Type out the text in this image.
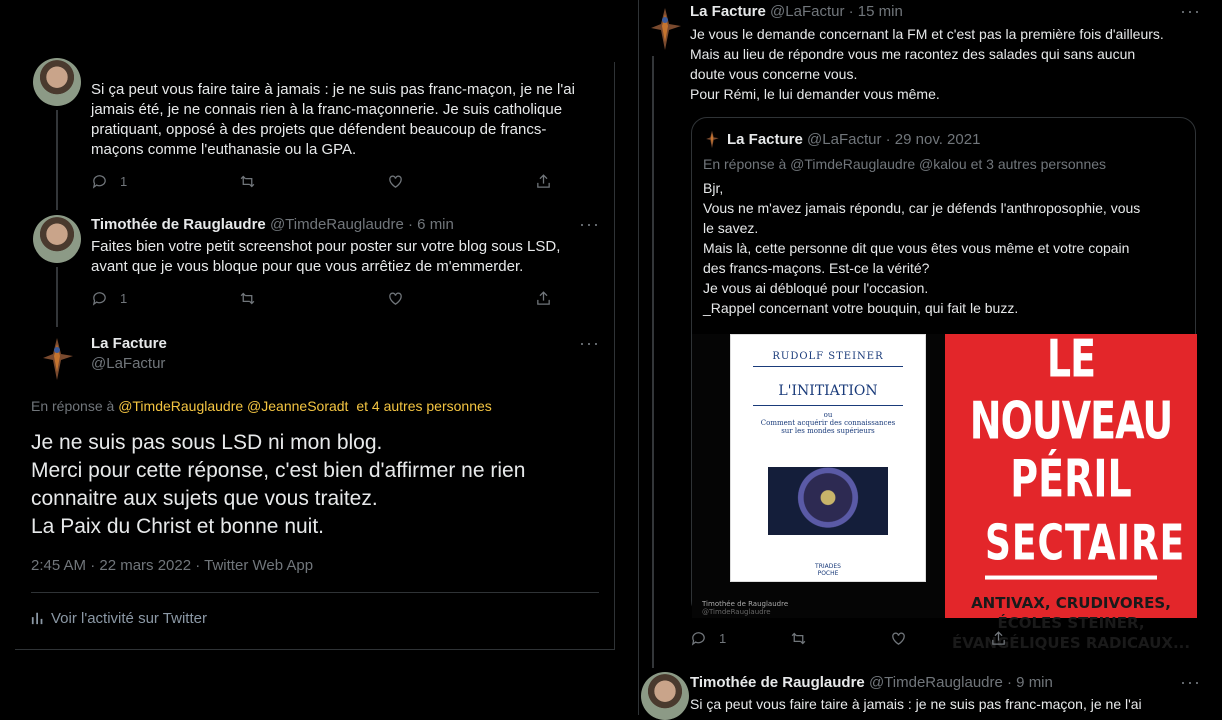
Si ça peut vous faire taire à jamais : je ne suis pas franc-maçon, je ne l'ai jamais été, je ne connais rien à la franc-maçonnerie. Je suis catholique pratiquant, opposé à des projets que défendent beaucoup de francs-maçons comme l'euthanasie ou la GPA.
1
Timothée de Rauglaudre @TimdeRauglaudre · 6 min	···
Faites bien votre petit screenshot pour poster sur votre blog sous LSD, avant que je vous bloque pour que vous arrêtiez de m'emmerder.
1
La Facture
@LaFactur
···
En réponse à @TimdeRauglaudre @JeanneSoradt et 4 autres personnes
Je ne suis pas sous LSD ni mon blog.
Merci pour cette réponse, c'est bien d'affirmer ne rien
connaitre aux sujets que vous traitez.
La Paix du Christ et bonne nuit.
2:45 AM · 22 mars 2022 · Twitter Web App
Voir l'activité sur Twitter
La Facture @LaFactur · 15 min	···
Je vous le demande concernant la FM et c'est pas la première fois d'ailleurs.
Mais au lieu de répondre vous me racontez des salades qui sans aucun
doute vous concerne vous.
Pour Rémi, le lui demander vous même.
La Facture @LaFactur · 29 nov. 2021
En réponse à @TimdeRauglaudre @kalou et 3 autres personnes
Bjr,
Vous ne m'avez jamais répondu, car je défends l'anthroposophie, vous
le savez.
Mais là, cette personne dit que vous êtes vous même et votre copain
des francs-maçons. Est-ce la vérité?
Je vous ai débloqué pour l'occasion.
_Rappel concernant votre bouquin, qui fait le buzz.
Timothée de Rauglaudre
@TimdeRauglaudre
RUDOLF STEINER
L'INITIATION
ou
Comment acquérir des connaissances
sur les mondes supérieurs
TRIADES
POCHE
LE NOUVEAU
PÉRIL
SECTAIRE
ANTIVAX, CRUDIVORES,
ÉCOLES STEINER,
ÉVANGÉLIQUES RADICAUX...
1
Timothée de Rauglaudre @TimdeRauglaudre · 9 min	···
Si ça peut vous faire taire à jamais : je ne suis pas franc-maçon, je ne l'ai
